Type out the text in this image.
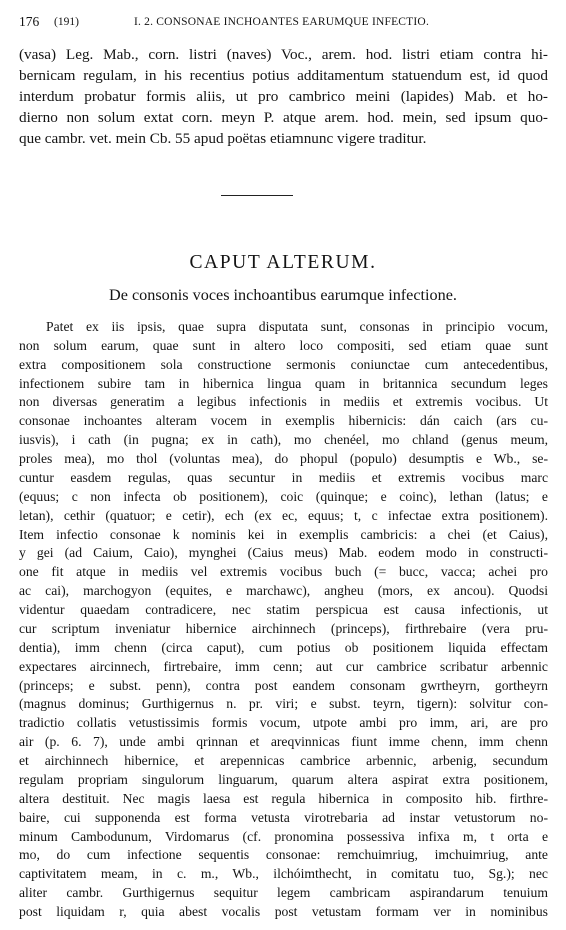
176 (191)	I. 2. CONSONAE INCHOANTES EARUMQUE INFECTIO.
(vasa) Leg. Mab., corn. listri (naves) Voc., arem. hod. listri etiam contra hi-
bernicam regulam, in his recentius potius additamentum statuendum est, id quod
interdum probatur formis aliis, ut pro cambrico meini (lapides) Mab. et ho-
dierno non solum extat corn. meyn P. atque arem. hod. mein, sed ipsum quo-
que cambr. vet. mein Cb. 55 apud poëtas etiamnunc vigere traditur.
CAPUT ALTERUM.
De consonis voces inchoantibus earumque infectione.
Patet ex iis ipsis, quae supra disputata sunt, consonas in principio vocum,
non solum earum, quae sunt in altero loco compositi, sed etiam quae sunt
extra compositionem sola constructione sermonis coniunctae cum antecedentibus,
infectionem subire tam in hibernica lingua quam in britannica secundum leges
non diversas generatim a legibus infectionis in mediis et extremis vocibus. Ut
consonae inchoantes alteram vocem in exemplis hibernicis: dán caich (ars cu-
iusvis), i cath (in pugna; ex in cath), mo chenéel, mo chland (genus meum,
proles mea), mo thol (voluntas mea), do phopul (populo) desumptis e Wb., se-
cuntur easdem regulas, quas secuntur in mediis et extremis vocibus marc
(equus; c non infecta ob positionem), coic (quinque; e coinc), lethan (latus; e
letan), cethir (quatuor; e cetir), ech (ex ec, equus; t, c infectae extra positionem).
Item infectio consonae k nominis kei in exemplis cambricis: a chei (et Caius),
y gei (ad Caium, Caio), mynghei (Caius meus) Mab. eodem modo in constructi-
one fit atque in mediis vel extremis vocibus buch (= bucc, vacca; achei pro
ac cai), marchogyon (equites, e marchawc), angheu (mors, ex ancou). Quodsi
videntur quaedam contradicere, nec statim perspicua est causa infectionis, ut
cur scriptum inveniatur hibernice airchinnech (princeps), firthrebaire (vera pru-
dentia), imm chenn (circa caput), cum potius ob positionem liquida effectam
expectares aircinnech, firtrebaire, imm cenn; aut cur cambrice scribatur arbennic
(princeps; e subst. penn), contra post eandem consonam gwrtheyrn, gortheyrn
(magnus dominus; Gurthigernus n. pr. viri; e subst. teyrn, tigern): solvitur con-
tradictio collatis vetustissimis formis vocum, utpote ambi pro imm, ari, are pro
air (p. 6. 7), unde ambi qrinnan et areqvinnicas fiunt imme chenn, imm chenn
et airchinnech hibernice, et arepennicas cambrice arbennic, arbenig, secundum
regulam propriam singulorum linguarum, quarum altera aspirat extra positionem,
altera destituit. Nec magis laesa est regula hibernica in composito hib. firthre-
baire, cui supponenda est forma vetusta virotrebaria ad instar vetustorum no-
minum Cambodunum, Virdomarus (cf. pronomina possessiva infixa m, t orta e
mo, do cum infectione sequentis consonae: remchuimriug, imchuimriug, ante
captivitatem meam, in c. m., Wb., ilchóimthecht, in comitatu tuo, Sg.); nec
aliter cambr. Gurthigernus sequitur legem cambricam aspirandarum tenuium
post liquidam r, quia abest vocalis post vetustam formam ver in nominibus
